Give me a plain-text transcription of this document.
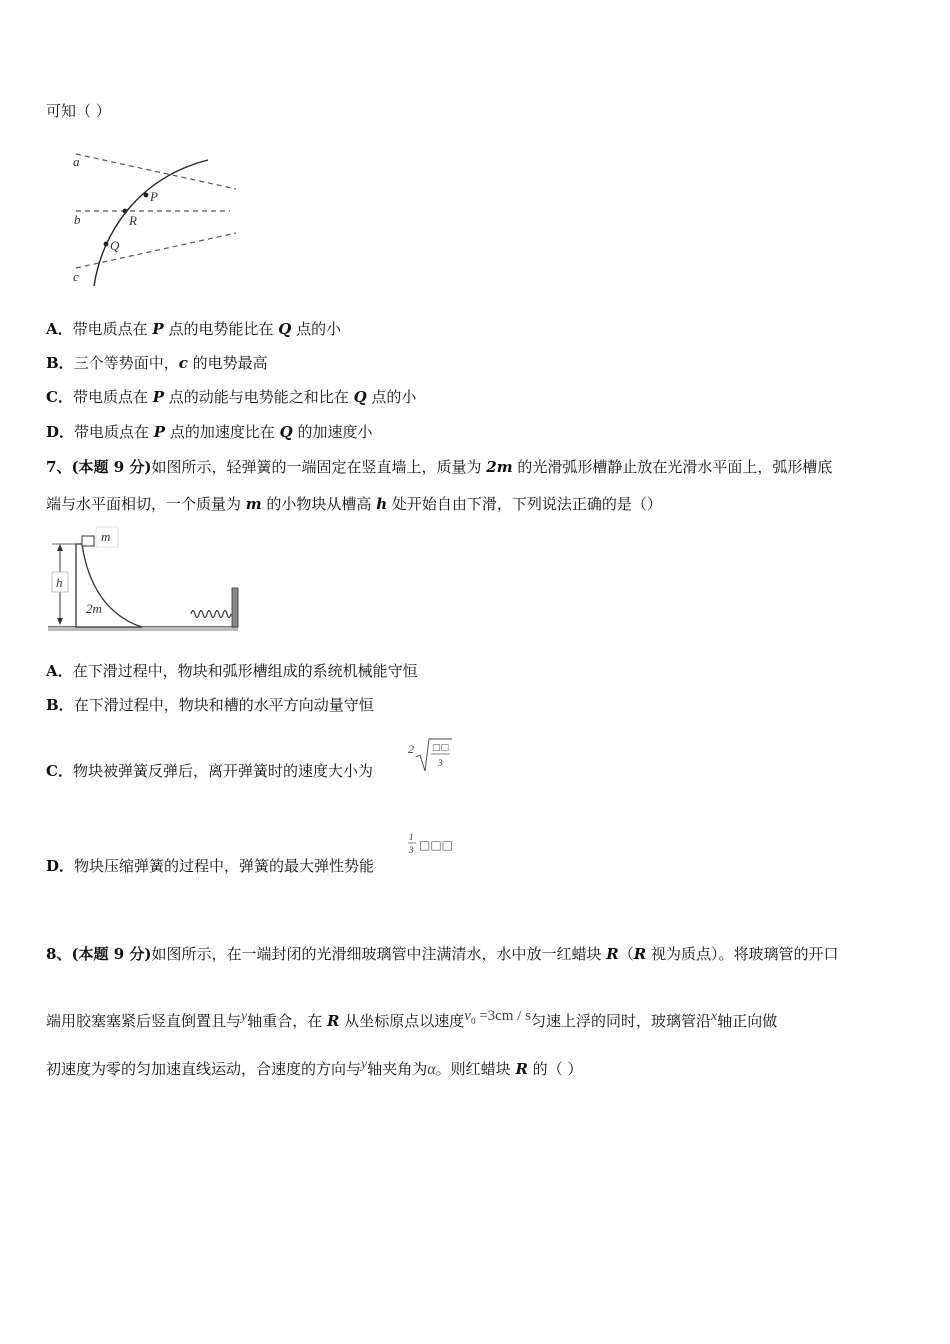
可知（ ）
a
b
c
P
R
Q
A．带电质点在 P 点的电势能比在 Q 点的小
B．三个等势面中，c 的电势最高
C．带电质点在 P 点的动能与电势能之和比在 Q 点的小
D．带电质点在 P 点的加速度比在 Q 的加速度小
7、(本题 9 分)如图所示，轻弹簧的一端固定在竖直墙上，质量为 2m 的光滑弧形槽静止放在光滑水平面上，弧形槽底
端与水平面相切，一个质量为 m 的小物块从槽高 h 处开始自由下滑，下列说法正确的是（）
h
m
2m
A．在下滑过程中，物块和弧形槽组成的系统机械能守恒
B．在下滑过程中，物块和槽的水平方向动量守恒
C．物块被弹簧反弹后，离开弹簧时的速度大小为
2 □□
3
D．物块压缩弹簧的过程中，弹簧的最大弹性势能
1
3 □□□
8、(本题 9 分)如图所示，在一端封闭的光滑细玻璃管中注满清水，水中放一红蜡块 R（R 视为质点）。将玻璃管的开口
端用胶塞塞紧后竖直倒置且与$^y$轴重合，在 R 从坐标原点以速度$^{v_0 =3cm / s}$匀速上浮的同时，玻璃管沿$^x$轴正向做
初速度为零的匀加速直线运动，合速度的方向与$^y$轴夹角为α。则红蜡块 R 的（ ）
